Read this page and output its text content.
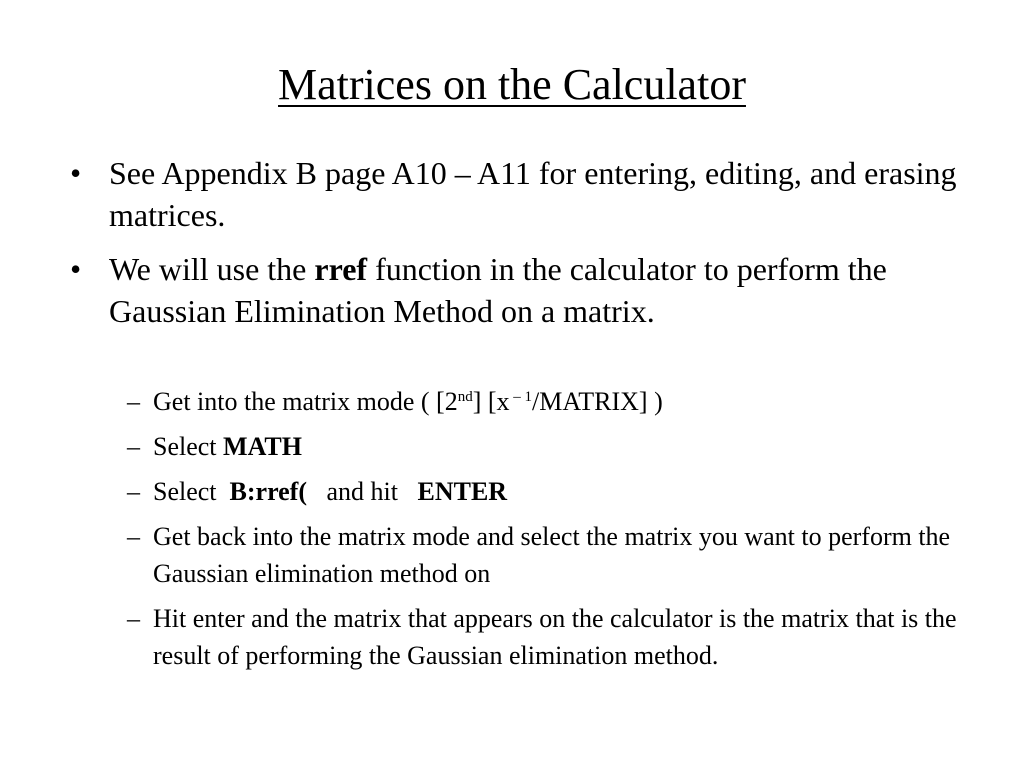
Matrices on the Calculator
• See Appendix B page A10 – A11 for entering, editing, and erasing matrices.
• We will use the rref function in the calculator to perform the Gaussian Elimination Method on a matrix.
– Get into the matrix mode ( [2nd] [x $^{- 1}$/MATRIX] )
– Select MATH
– Select  B:rref(   and hit   ENTER
– Get back into the matrix mode and select the matrix you want to perform the Gaussian elimination method on
– Hit enter and the matrix that appears on the calculator is the matrix that is the result of performing the Gaussian elimination method.
